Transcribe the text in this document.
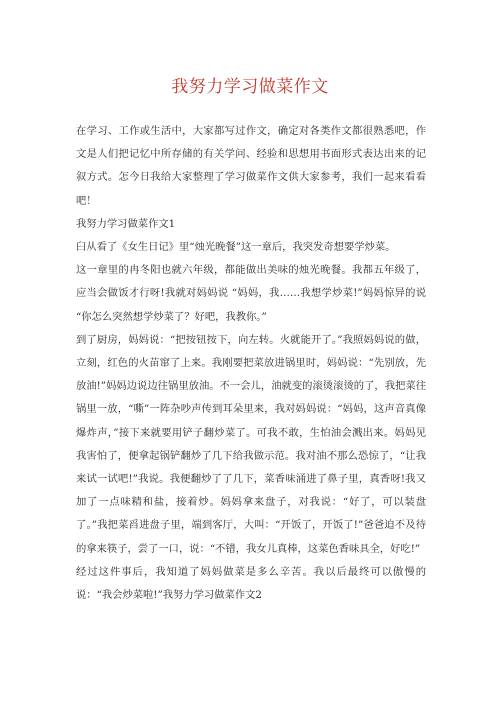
我努力学习做菜作文

在学习、工作或生活中，大家都写过作文，确定对各类作文都很熟悉吧，作文是人们把记忆中所存储的有关学问、经验和思想用书面形式表达出来的记叙方式。怎今日我给大家整理了学习做菜作文供大家参考，我们一起来看看吧！

我努力学习做菜作文1

臼从看了《女生日记》里“烛光晚餐”这一章后，我突发奇想要学炒菜。

这一章里的冉冬阳也就六年级，都能做出美味的烛光晚餐。我都五年级了，应当会做饭才行呀!我就对妈妈说 “妈妈，我……我想学炒菜!”妈妈惊异的说 “你怎么突然想学炒菜了？好吧，我教你。”

到了厨房，妈妈说：“把按钮按下，向左转。火就能开了。”我照妈妈说的做，立刻，红色的火苗窜了上来。我刚要把菜放进锅里时，妈妈说：“先别放，先放油!”妈妈边说边往锅里放油。不一会儿，油就变的滚烫滚烫的了，我把菜往锅里一放，“嘶”一阵杂吵声传到耳朵里来，我对妈妈说：“妈妈，这声音真像爆炸声，”接下来就要用铲子翻炒菜了。可我不敢，生怕油会溅出来。妈妈见我害怕了，便拿起锅铲翻炒了几下给我做示范。我对油不那么恐惊了，“让我来试一试吧!”我说。我便翻炒了了几下，菜香味涌进了鼻子里，真香呀!我又加了一点味精和盐，接着炒。妈妈拿来盘子，对我说：“好了，可以装盘了。”我把菜舀进盘子里，端到客厅，大叫：“开饭了，开饭了!”爸爸迫不及待的拿来筷子，尝了一口，说：“不错，我女儿真棒，这菜色香味具全，好吃!”

经过这件事后，我知道了妈妈做菜是多么辛苦。我以后最终可以傲慢的说：“我会炒菜啦!”我努力学习做菜作文2
